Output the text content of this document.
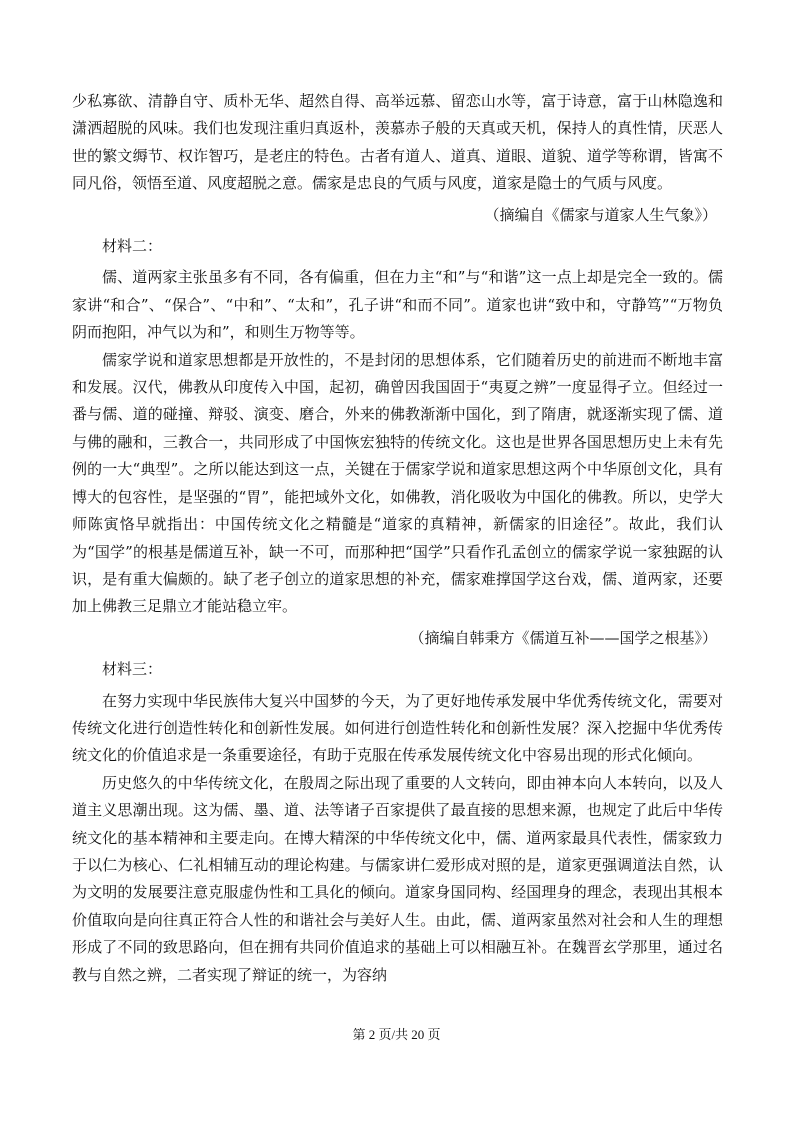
少私寡欲、清静自守、质朴无华、超然自得、高举远慕、留恋山水等，富于诗意，富于山林隐逸和潇洒超脱的风味。我们也发现注重归真返朴，羡慕赤子般的天真或天机，保持人的真性情，厌恶人世的繁文缛节、权诈智巧，是老庄的特色。古者有道人、道真、道眼、道貌、道学等称谓，皆寓不同凡俗，领悟至道、风度超脱之意。儒家是忠良的气质与风度，道家是隐士的气质与风度。

（摘编自《儒家与道家人生气象》）
材料二：

儒、道两家主张虽多有不同，各有偏重，但在力主“和”与“和谐”这一点上却是完全一致的。儒家讲“和合”、“保合”、“中和”、“太和”，孔子讲“和而不同”。道家也讲“致中和，守静笃”“万物负阴而抱阳，冲气以为和”，和则生万物等等。

儒家学说和道家思想都是开放性的，不是封闭的思想体系，它们随着历史的前进而不断地丰富和发展。汉代，佛教从印度传入中国，起初，确曾因我国固于“夷夏之辨”一度显得孑立。但经过一番与儒、道的碰撞、辩驳、演变、磨合，外来的佛教渐渐中国化，到了隋唐，就逐渐实现了儒、道与佛的融和，三教合一，共同形成了中国恢宏独特的传统文化。这也是世界各国思想历史上未有先例的一大“典型”。之所以能达到这一点，关键在于儒家学说和道家思想这两个中华原创文化，具有博大的包容性，是坚强的“胃”，能把域外文化，如佛教，消化吸收为中国化的佛教。所以，史学大师陈寅恪早就指出：中国传统文化之精髓是“道家的真精神，新儒家的旧途径”。故此，我们认为“国学”的根基是儒道互补，缺一不可，而那种把“国学”只看作孔孟创立的儒家学说一家独踞的认识，是有重大偏颇的。缺了老子创立的道家思想的补充，儒家难撑国学这台戏，儒、道两家，还要加上佛教三足鼎立才能站稳立牢。

（摘编自韩秉方《儒道互补——国学之根基》）
材料三：

在努力实现中华民族伟大复兴中国梦的今天，为了更好地传承发展中华优秀传统文化，需要对传统文化进行创造性转化和创新性发展。如何进行创造性转化和创新性发展？深入挖掘中华优秀传统文化的价值追求是一条重要途径，有助于克服在传承发展传统文化中容易出现的形式化倾向。

历史悠久的中华传统文化，在殷周之际出现了重要的人文转向，即由神本向人本转向，以及人道主义思潮出现。这为儒、墨、道、法等诸子百家提供了最直接的思想来源，也规定了此后中华传统文化的基本精神和主要走向。在博大精深的中华传统文化中，儒、道两家最具代表性，儒家致力于以仁为核心、仁礼相辅互动的理论构建。与儒家讲仁爱形成对照的是，道家更强调道法自然，认为文明的发展要注意克服虚伪性和工具化的倾向。道家身国同构、经国理身的理念，表现出其根本价值取向是向往真正符合人性的和谐社会与美好人生。由此，儒、道两家虽然对社会和人生的理想形成了不同的致思路向，但在拥有共同价值追求的基础上可以相融互补。在魏晋玄学那里，通过名教与自然之辨，二者实现了辩证的统一，为容纳

第 2 页/共 20 页
